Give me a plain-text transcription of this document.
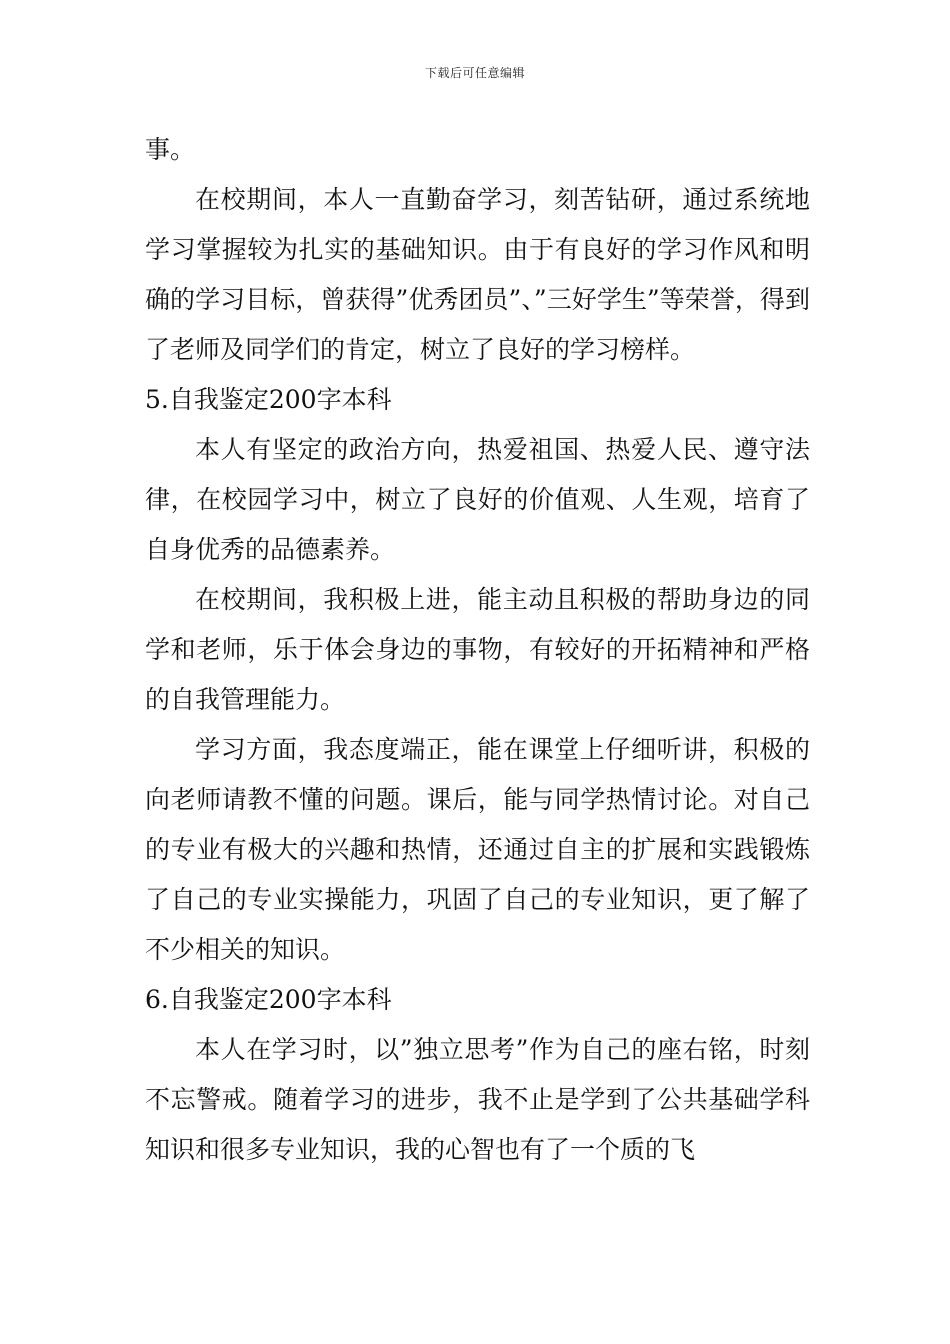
下载后可任意编辑

事。

在校期间，本人一直勤奋学习，刻苦钻研，通过系统地学习掌握较为扎实的基础知识。由于有良好的学习作风和明确的学习目标，曾获得”优秀团员”、”三好学生”等荣誉，得到了老师及同学们的肯定，树立了良好的学习榜样。

5.自我鉴定200字本科

本人有坚定的政治方向，热爱祖国、热爱人民、遵守法律，在校园学习中，树立了良好的价值观、人生观，培育了自身优秀的品德素养。

在校期间，我积极上进，能主动且积极的帮助身边的同学和老师，乐于体会身边的事物，有较好的开拓精神和严格的自我管理能力。

学习方面，我态度端正，能在课堂上仔细听讲，积极的向老师请教不懂的问题。课后，能与同学热情讨论。对自己的专业有极大的兴趣和热情，还通过自主的扩展和实践锻炼了自己的专业实操能力，巩固了自己的专业知识，更了解了不少相关的知识。

6.自我鉴定200字本科

本人在学习时，以”独立思考”作为自己的座右铭，时刻不忘警戒。随着学习的进步，我不止是学到了公共基础学科知识和很多专业知识，我的心智也有了一个质的飞
